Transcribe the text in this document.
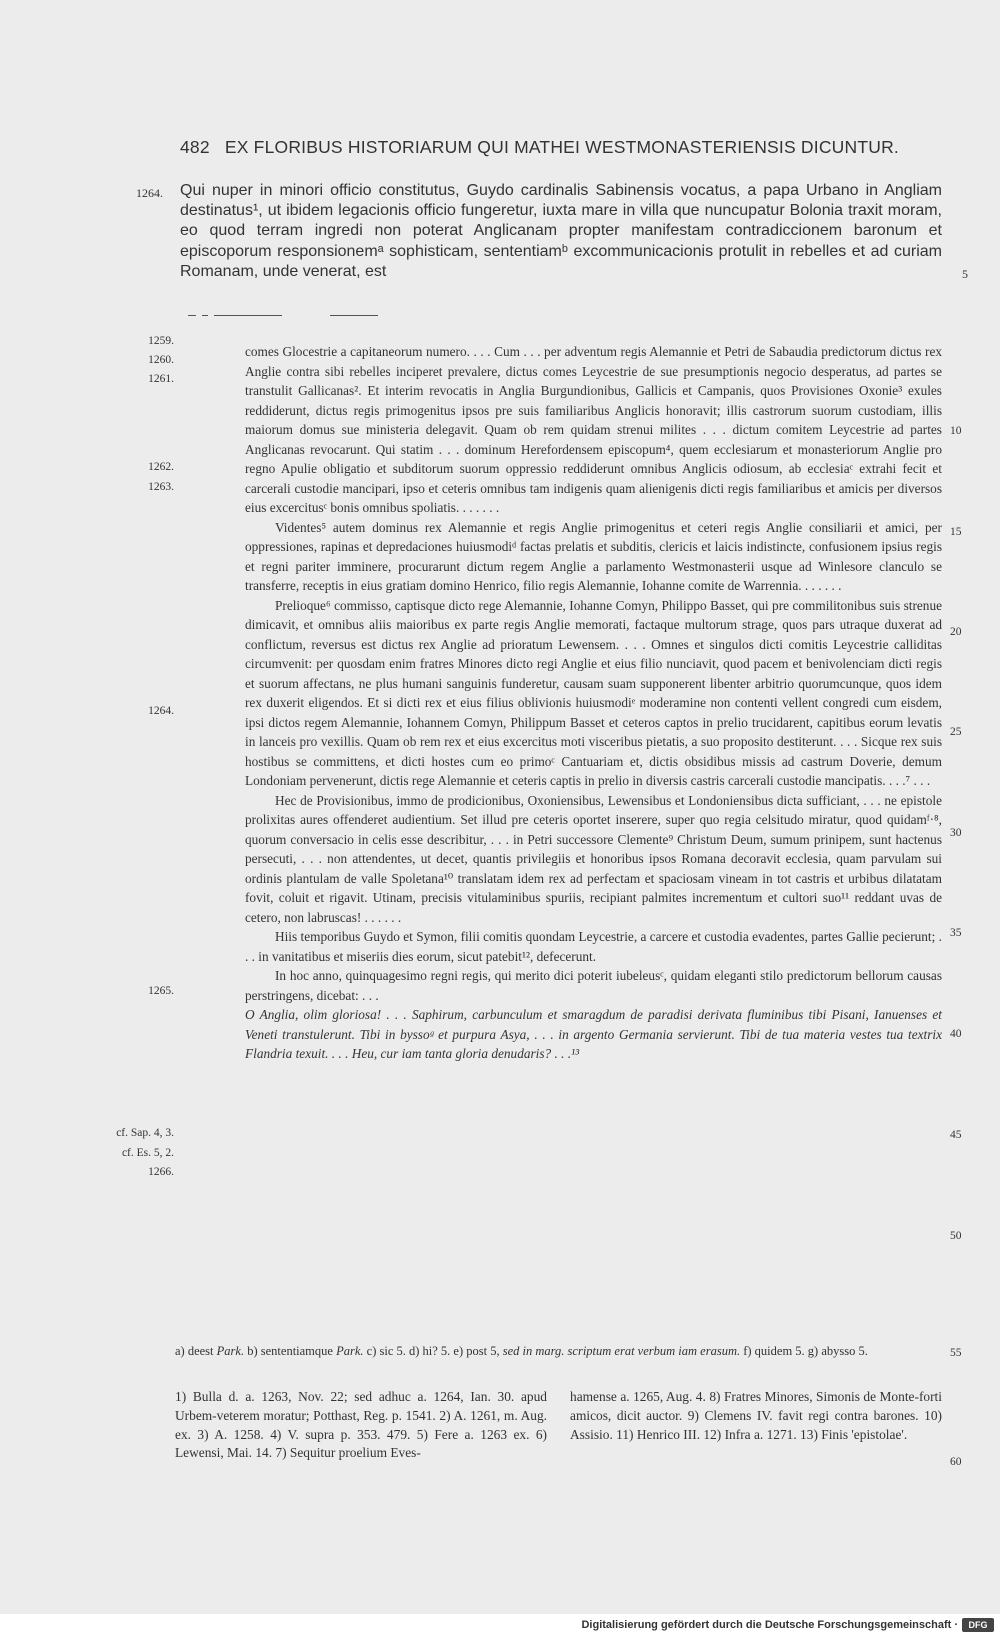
482 EX FLORIBUS HISTORIARUM QUI MATHEI WESTMONASTERIENSIS DICUNTUR.
1264. Qui nuper in minori officio constitutus, Guydo cardinalis Sabinensis vocatus, a papa Urbano in Angliam destinatus¹, ut ibidem legacionis officio fungeretur, iuxta mare in villa que nuncupatur Bolonia traxit moram, eo quod terram ingredi non poterat Anglicanam propter manifestam contradiccionem baronum et episcoporum responsionemᵃ sophisticam, sententiamᵇ excommunicacionis protulit in rebelles et ad curiam Romanam, unde venerat, est	5

comes Glocestrie a capitaneorum numero. . . . Cum . . . per adventum regis Alemannie et Petri de Sabaudia predictorum dictus rex Anglie contra sibi rebelles inciperet prevalere, dictus comes Leycestrie de sue presumptionis negocio desperatus, ad partes se transtulit Gallicanas². Et interim revocatis in Anglia Burgundionibus, Gallicis et Campanis, quos Provisiones Oxonie³ exules reddiderunt, dictus regis primogenitus ipsos pre suis familiaribus Anglicis honoravit; illis castrorum suorum custodiam, illis maiorum domus sue ministeria delegavit. Quam ob rem quidam strenui milites . . . dictum comitem Leycestrie ad partes Anglicanas revocarunt. Qui statim . . . dominum Herefordensem episcopum⁴, quem ecclesiarum et monasteriorum Anglie pro regno Apulie obligatio et subditorum suorum oppressio reddiderunt omnibus Anglicis odiosum, ab ecclesiaᶜ extrahi fecit et carcerali custodie mancipari, ipso et ceteris omnibus tam indigenis quam alienigenis dicti regis familiaribus et amicis per diversos eius excercitusᶜ bonis omnibus spoliatis. . . . . . .

Videntes⁵ autem dominus rex Alemannie et regis Anglie primogenitus et ceteri regis Anglie consiliarii et amici, per oppressiones, rapinas et depredaciones huiusmodiᵈ factas prelatis et subditis, clericis et laicis indistincte, confusionem ipsius regis et regni pariter imminere, procurarunt dictum regem Anglie a parlamento Westmonasterii usque ad Winlesore clanculo se transferre, receptis in eius gratiam domino Henrico, filio regis Alemannie, Iohanne comite de Warrennia. . . . . . .

Prelioque⁶ commisso, captisque dicto rege Alemannie, Iohanne Comyn, Philippo Basset, qui pre commilitonibus suis strenue dimicavit, et omnibus aliis maioribus ex parte regis Anglie memorati, factaque multorum strage, quos pars utraque duxerat ad conflictum, reversus est dictus rex Anglie ad prioratum Lewensem. . . . Omnes et singulos dicti comitis Leycestrie calliditas circumvenit: per quosdam enim fratres Minores dicto regi Anglie et eius filio nunciavit, quod pacem et benivolenciam dicti regis et suorum affectans, ne plus humani sanguinis funderetur, causam suam supponerent libenter arbitrio quorumcunque, quos idem rex duxerit eligendos. Et si dicti rex et eius filius oblivionis huiusmodiᵉ moderamine non contenti vellent congredi cum eisdem, ipsi dictos regem Alemannie, Iohannem Comyn, Philippum Basset et ceteros captos in prelio trucidarent, capitibus eorum levatis in lanceis pro vexillis. Quam ob rem rex et eius excercitus moti visceribus pietatis, a suo proposito destiterunt. . . . Sicque rex suis hostibus se committens, et dicti hostes cum eo primoᶜ Cantuariam et, dictis obsidibus missis ad castrum Doverie, demum Londoniam pervenerunt, dictis rege Alemannie et ceteris captis in prelio in diversis castris carcerali custodie mancipatis. . . .⁷ . . .

Hec de Provisionibus, immo de prodicionibus, Oxoniensibus, Lewensibus et Londoniensibus dicta sufficiant, . . . ne epistole prolixitas aures offenderet audientium. Set illud pre ceteris oportet inserere, super quo regia celsitudo miratur, quod quidamᶠ·⁸, quorum conversacio in celis esse describitur, . . . in Petri successore Clemente⁹ Christum Deum, sumum prinipem, sunt hactenus persecuti, . . . non attendentes, ut decet, quantis privilegiis et honoribus ipsos Romana decoravit ecclesia, quam parvulam sui ordinis plantulam de valle Spoletana¹⁰ translatam idem rex ad perfectam et spaciosam vineam in tot castris et urbibus dilatatam fovit, coluit et rigavit. Utinam, precisis vitulaminibus spuriis, recipiant palmites incrementum et cultori suo¹¹ reddant uvas de cetero, non labruscas! . . . . . .

Hiis temporibus Guydo et Symon, filii comitis quondam Leycestrie, a carcere et custodia evadentes, partes Gallie pecierunt; . . . in vanitatibus et miseriis dies eorum, sicut patebit¹², defecerunt.

In hoc anno, quinquagesimo regni regis, qui merito dici poterit iubeleusᶜ, quidam eleganti stilo predictorum bellorum causas perstringens, dicebat: . . .

O Anglia, olim gloriosa! . . . Saphirum, carbunculum et smaragdum de paradisi derivata fluminibus tibi Pisani, Ianuenses et Veneti transtulerunt. Tibi in byssoᵍ et purpura Asya, . . . in argento Germania servierunt. Tibi de tua materia vestes tua textrix Flandria texuit. . . . Heu, cur iam tanta gloria denudaris? . . .¹³

1259.
1260.
1261.
1262.
1263.
1264.
1265.
cf. Sap. 4, 3.
cf. Es. 5, 2.
1266.
10
15
20
25
30
35
40
45
50
55
60
a) deest Park. b) sententiamque Park. c) sic 5. d) hi? 5. e) post 5, sed in marg. scriptum erat verbum iam erasum. f) quidem 5. g) abysso 5.
1) Bulla d. a. 1263, Nov. 22; sed adhuc a. 1264, Ian. 30. apud Urbem-veterem moratur; Potthast, Reg. p. 1541. 2) A. 1261, m. Aug. ex. 3) A. 1258. 4) V. supra p. 353. 479. 5) Fere a. 1263 ex. 6) Lewensi, Mai. 14. 7) Sequitur proelium Eves-
hamense a. 1265, Aug. 4. 8) Fratres Minores, Simonis de Monte-forti amicos, dicit auctor. 9) Clemens IV. favit regi contra barones. 10) Assisio. 11) Henrico III. 12) Infra a. 1271. 13) Finis 'epistolae'.
Digitalisierung gefördert durch die Deutsche Forschungsgemeinschaft ·	DFG
